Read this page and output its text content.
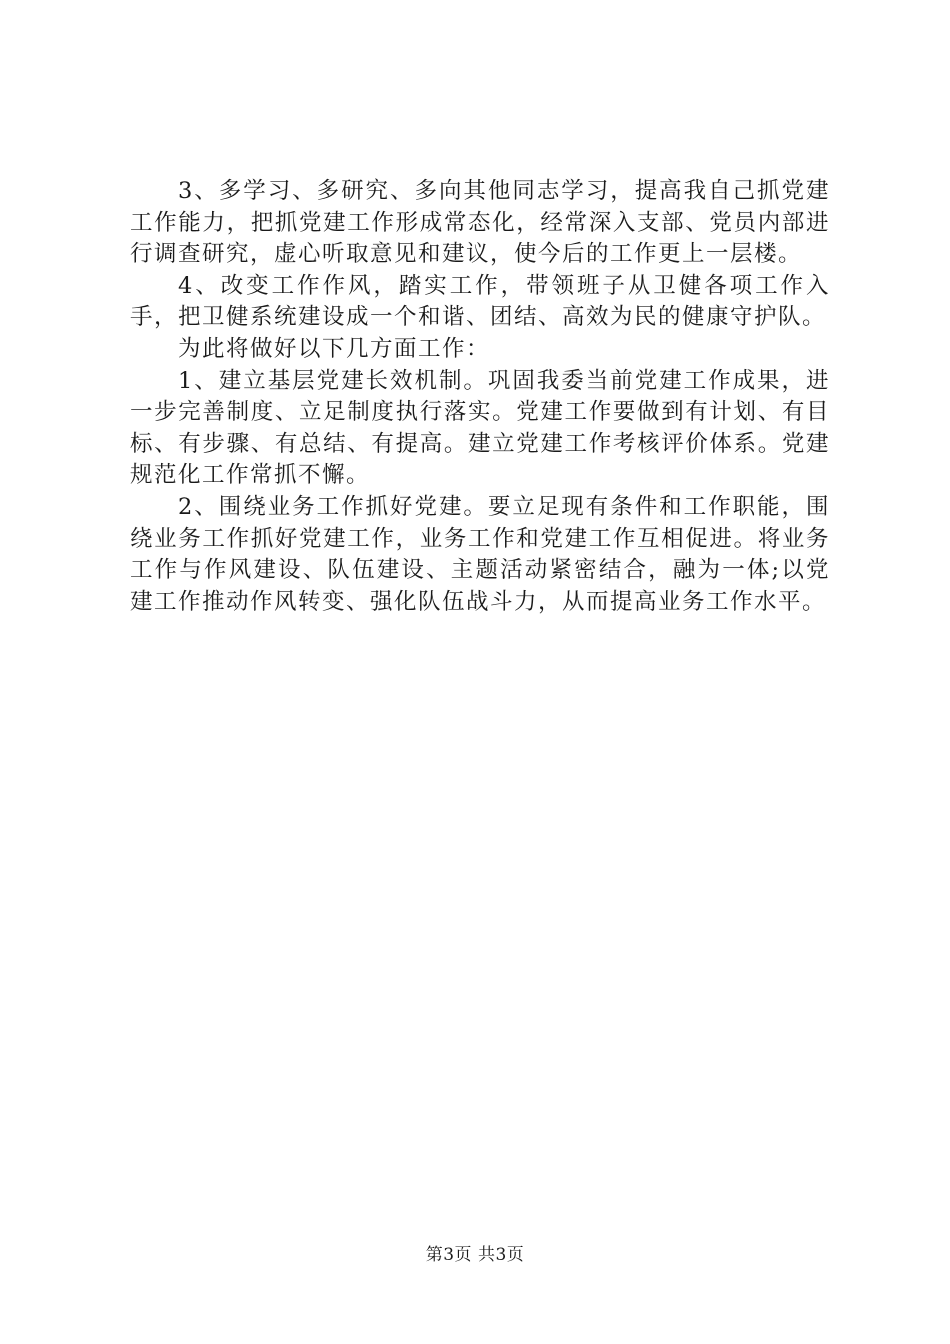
3、多学习、多研究、多向其他同志学习，提高我自己抓党建工作能力，把抓党建工作形成常态化，经常深入支部、党员内部进行调查研究，虚心听取意见和建议，使今后的工作更上一层楼。

4、改变工作作风，踏实工作，带领班子从卫健各项工作入手，把卫健系统建设成一个和谐、团结、高效为民的健康守护队。

为此将做好以下几方面工作：

1、建立基层党建长效机制。巩固我委当前党建工作成果，进一步完善制度、立足制度执行落实。党建工作要做到有计划、有目标、有步骤、有总结、有提高。建立党建工作考核评价体系。党建规范化工作常抓不懈。

2、围绕业务工作抓好党建。要立足现有条件和工作职能，围绕业务工作抓好党建工作，业务工作和党建工作互相促进。将业务工作与作风建设、队伍建设、主题活动紧密结合，融为一体;以党建工作推动作风转变、强化队伍战斗力，从而提高业务工作水平。

第3页 共3页
